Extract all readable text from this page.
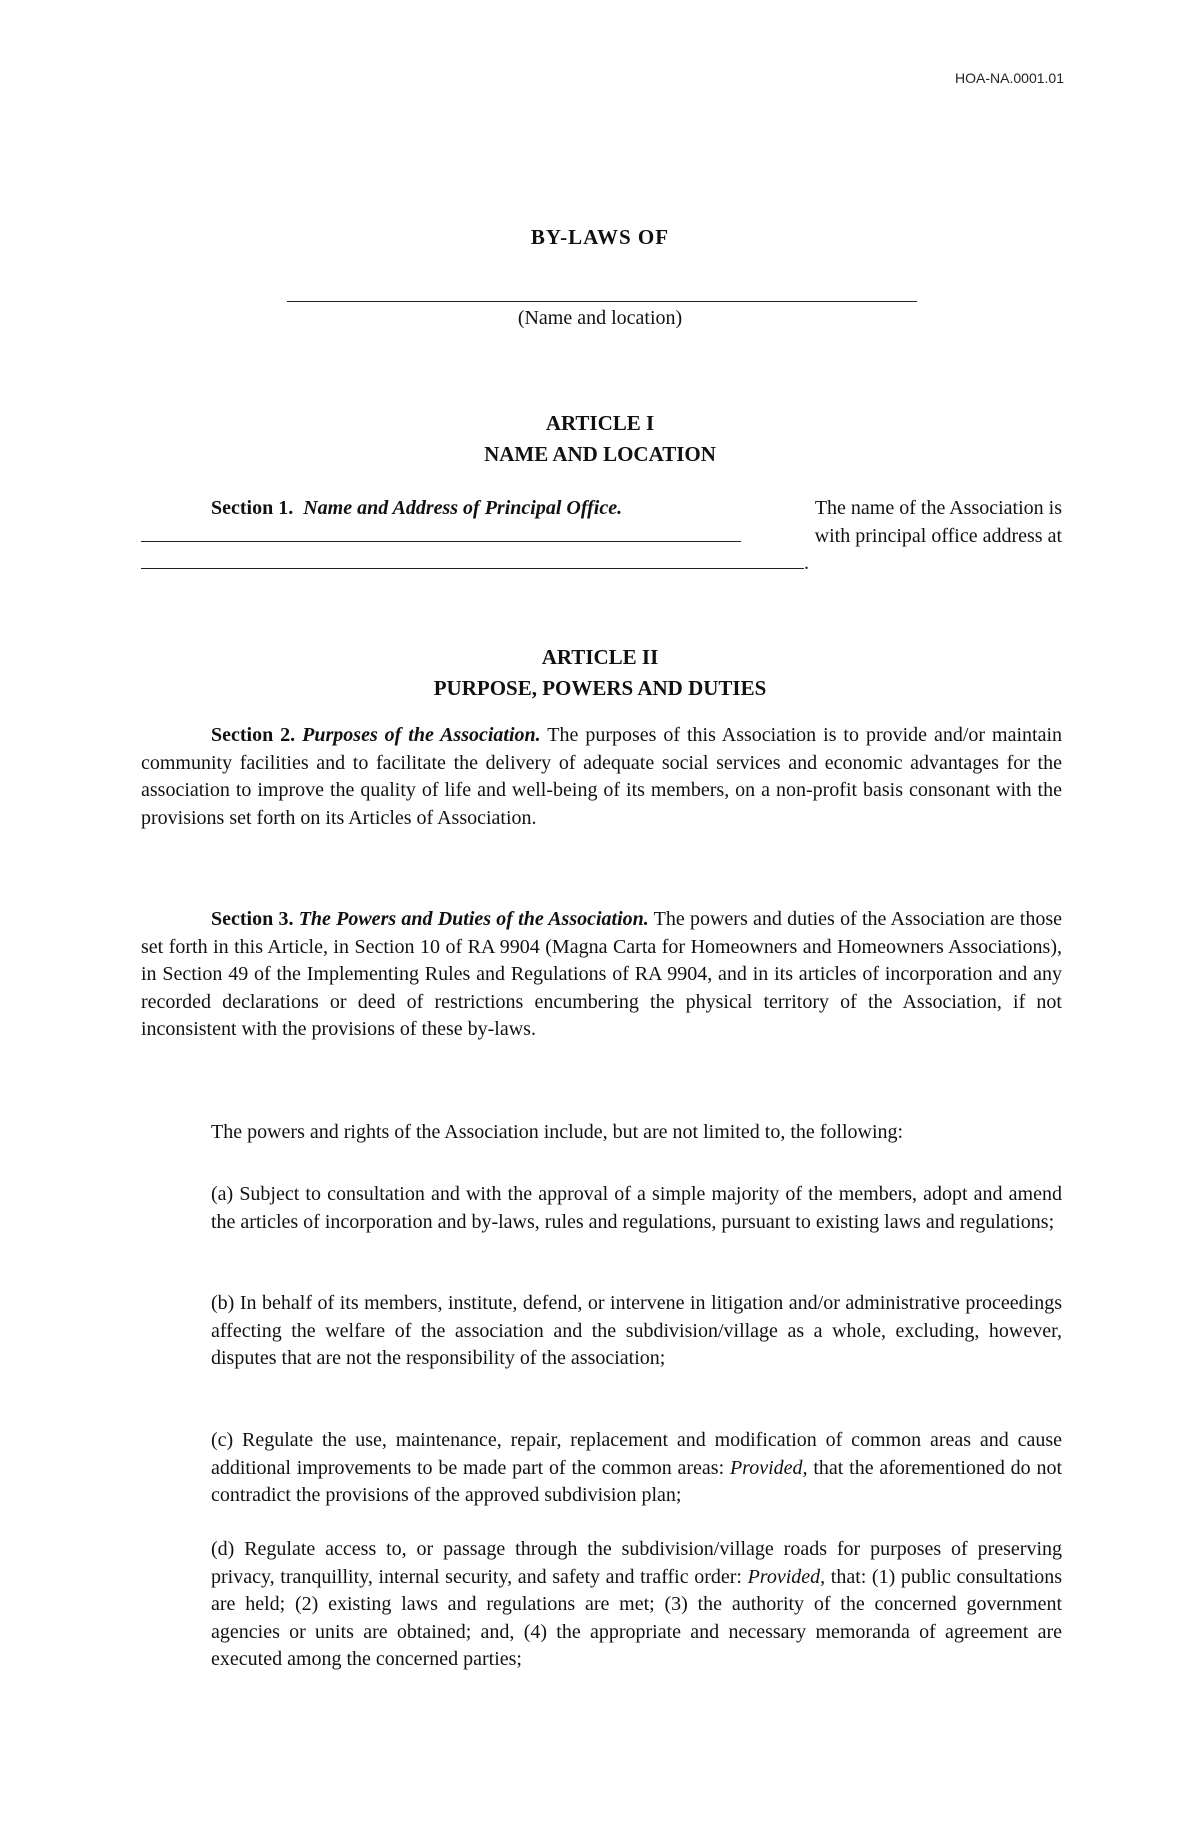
HOA-NA.0001.01
BY-LAWS OF
(Name and location)
ARTICLE I
NAME AND LOCATION
Section 1. Name and Address of Principal Office.	The name of the Association is
with principal office address at
.
ARTICLE II
PURPOSE, POWERS AND DUTIES

Section 2. Purposes of the Association. The purposes of this Association is to provide and/or maintain community facilities and to facilitate the delivery of adequate social services and economic advantages for the association to improve the quality of life and well-being of its members, on a non-profit basis consonant with the provisions set forth on its Articles of Association.

Section 3. The Powers and Duties of the Association. The powers and duties of the Association are those set forth in this Article, in Section 10 of RA 9904 (Magna Carta for Homeowners and Homeowners Associations), in Section 49 of the Implementing Rules and Regulations of RA 9904, and in its articles of incorporation and any recorded declarations or deed of restrictions encumbering the physical territory of the Association, if not inconsistent with the provisions of these by-laws.

The powers and rights of the Association include, but are not limited to, the following:

(a) Subject to consultation and with the approval of a simple majority of the members, adopt and amend the articles of incorporation and by-laws, rules and regulations, pursuant to existing laws and regulations;

(b) In behalf of its members, institute, defend, or intervene in litigation and/or administrative proceedings affecting the welfare of the association and the subdivision/village as a whole, excluding, however, disputes that are not the responsibility of the association;

(c) Regulate the use, maintenance, repair, replacement and modification of common areas and cause additional improvements to be made part of the common areas: Provided, that the aforementioned do not contradict the provisions of the approved subdivision plan;

(d) Regulate access to, or passage through the subdivision/village roads for purposes of preserving privacy, tranquillity, internal security, and safety and traffic order: Provided, that: (1) public consultations are held; (2) existing laws and regulations are met; (3) the authority of the concerned government agencies or units are obtained; and, (4) the appropriate and necessary memoranda of agreement are executed among the concerned parties;
